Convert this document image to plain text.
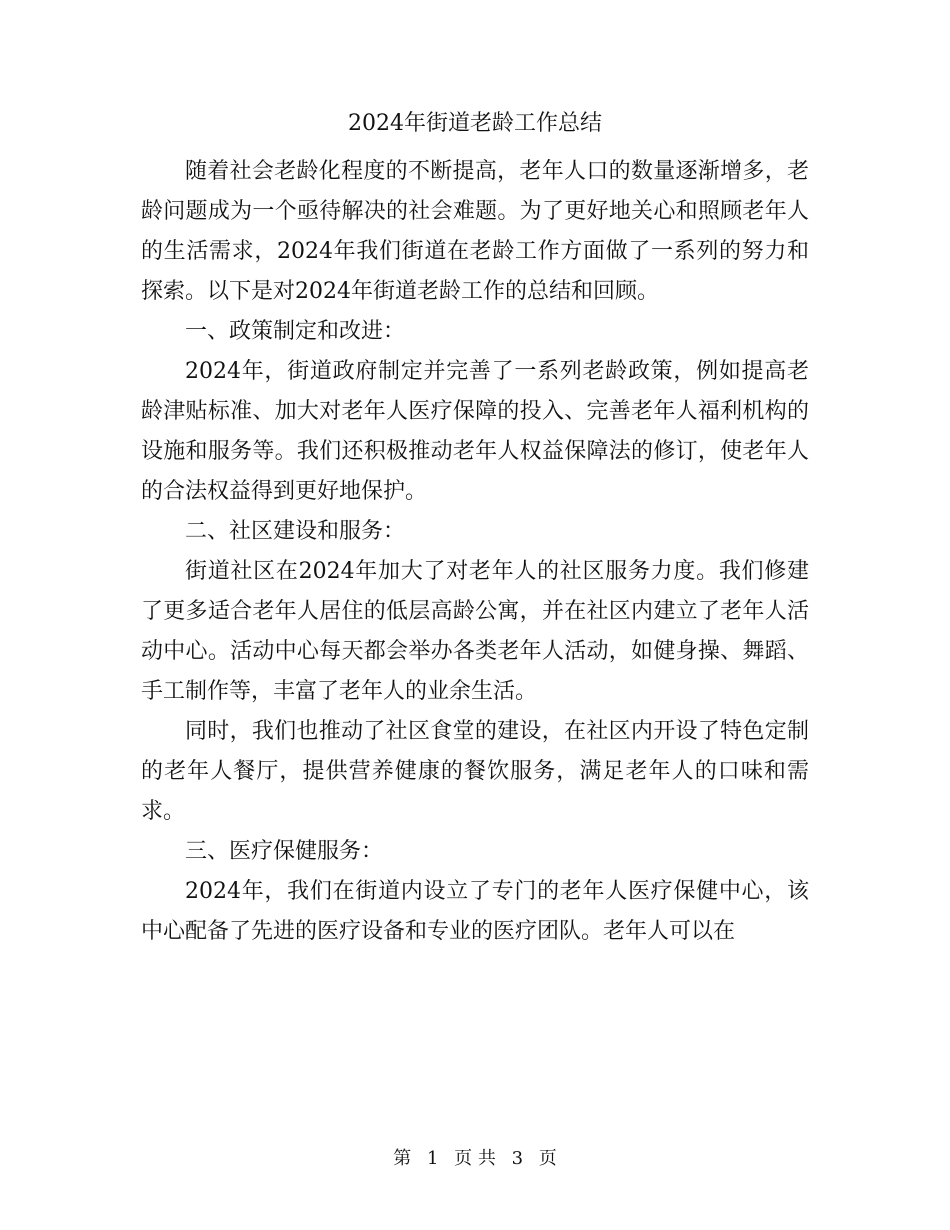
2024年街道老龄工作总结

随着社会老龄化程度的不断提高，老年人口的数量逐渐增多，老龄问题成为一个亟待解决的社会难题。为了更好地关心和照顾老年人的生活需求，2024年我们街道在老龄工作方面做了一系列的努力和探索。以下是对2024年街道老龄工作的总结和回顾。

一、政策制定和改进：

2024年，街道政府制定并完善了一系列老龄政策，例如提高老龄津贴标准、加大对老年人医疗保障的投入、完善老年人福利机构的设施和服务等。我们还积极推动老年人权益保障法的修订，使老年人的合法权益得到更好地保护。

二、社区建设和服务：

街道社区在2024年加大了对老年人的社区服务力度。我们修建了更多适合老年人居住的低层高龄公寓，并在社区内建立了老年人活动中心。活动中心每天都会举办各类老年人活动，如健身操、舞蹈、手工制作等，丰富了老年人的业余生活。

同时，我们也推动了社区食堂的建设，在社区内开设了特色定制的老年人餐厅，提供营养健康的餐饮服务，满足老年人的口味和需求。

三、医疗保健服务：

2024年，我们在街道内设立了专门的老年人医疗保健中心，该中心配备了先进的医疗设备和专业的医疗团队。老年人可以在

第 1 页 共 3 页
